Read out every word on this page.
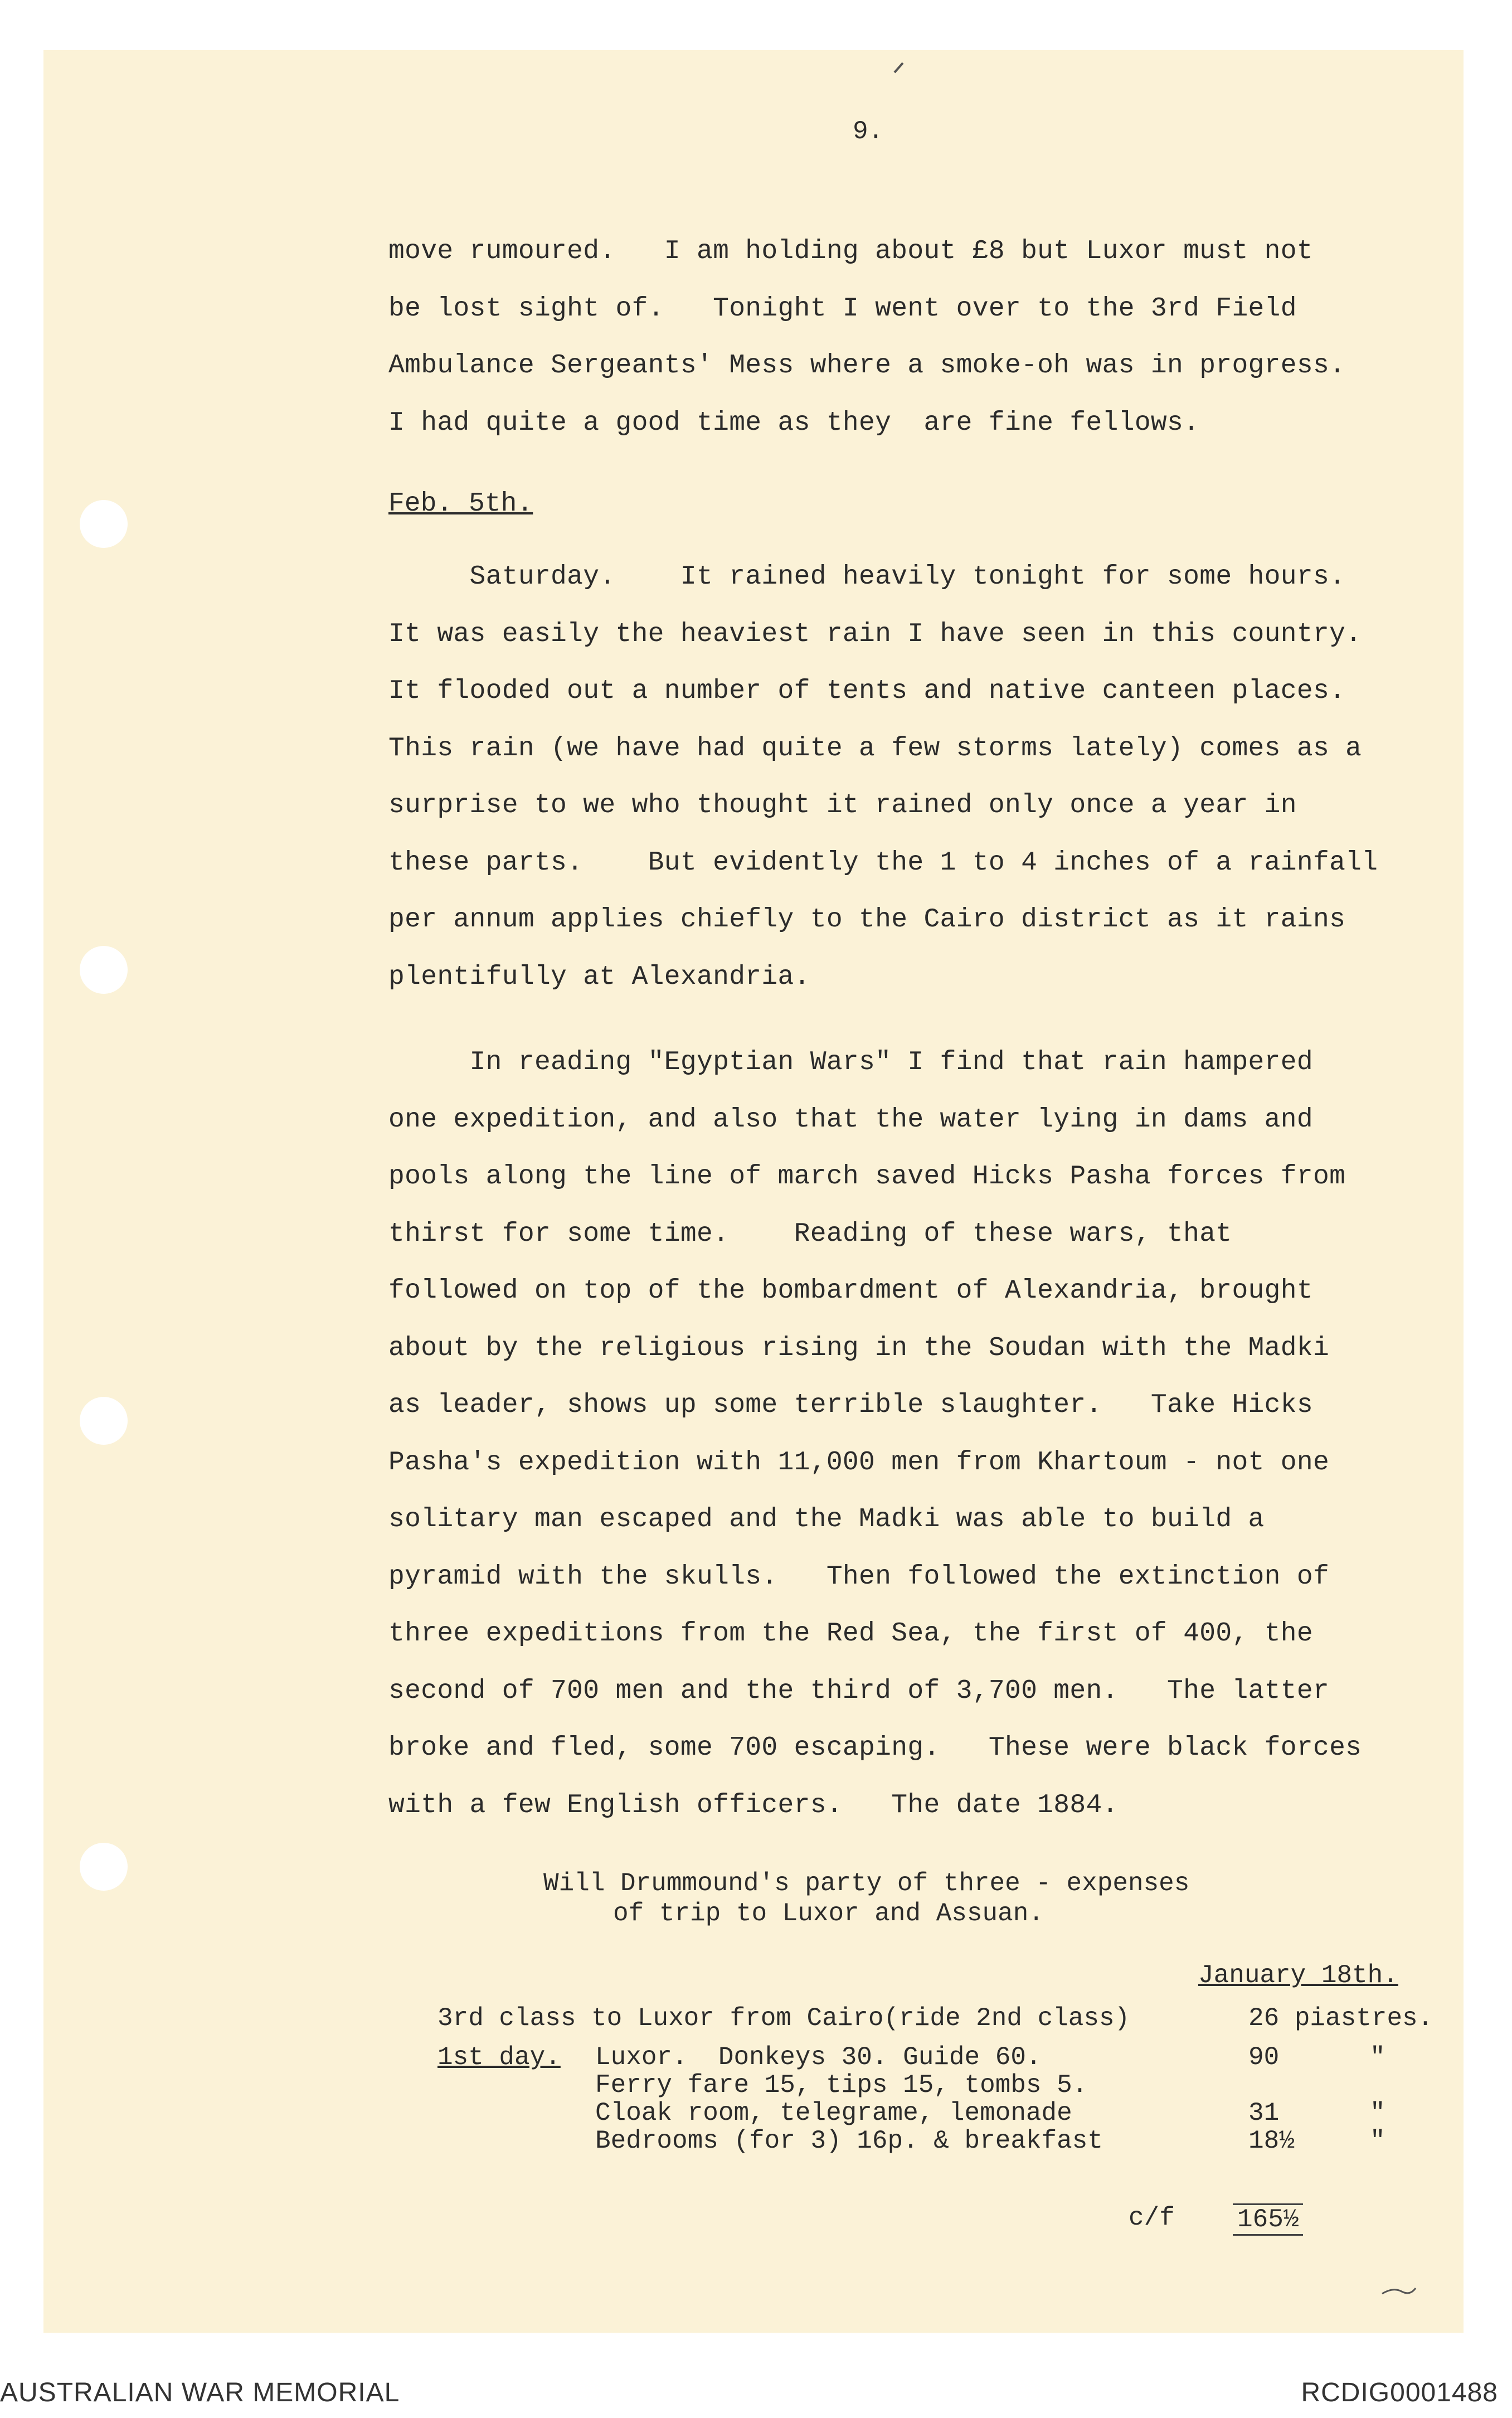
9.
move rumoured.   I am holding about £8 but Luxor must not
be lost sight of.   Tonight I went over to the 3rd Field
Ambulance Sergeants' Mess where a smoke-oh was in progress.
I had quite a good time as they  are fine fellows.
Feb. 5th.
Saturday.    It rained heavily tonight for some hours.
It was easily the heaviest rain I have seen in this country.
It flooded out a number of tents and native canteen places.
This rain (we have had quite a few storms lately) comes as a
surprise to we who thought it rained only once a year in
these parts.    But evidently the 1 to 4 inches of a rainfall
per annum applies chiefly to the Cairo district as it rains
plentifully at Alexandria.
In reading "Egyptian Wars" I find that rain hampered
one expedition, and also that the water lying in dams and
pools along the line of march saved Hicks Pasha forces from
thirst for some time.    Reading of these wars, that
followed on top of the bombardment of Alexandria, brought
about by the religious rising in the Soudan with the Madki
as leader, shows up some terrible slaughter.   Take Hicks
Pasha's expedition with 11,000 men from Khartoum - not one
solitary man escaped and the Madki was able to build a
pyramid with the skulls.   Then followed the extinction of
three expeditions from the Red Sea, the first of 400, the
second of 700 men and the third of 3,700 men.   The latter
broke and fled, some 700 escaping.   These were black forces
with a few English officers.   The date 1884.
Will Drummound's party of three - expenses
of trip to Luxor and Assuan.
January 18th.
3rd class to Luxor from Cairo(ride 2nd class)	26 piastres.
1st day. Luxor.  Donkeys 30. Guide 60.	90	"
Ferry fare 15, tips 15, tombs 5.
Cloak room, telegrame, lemonade	31	"
Bedrooms (for 3) 16p. & breakfast	18½	"
c/f 165½
AUSTRALIAN WAR MEMORIAL	RCDIG0001488
